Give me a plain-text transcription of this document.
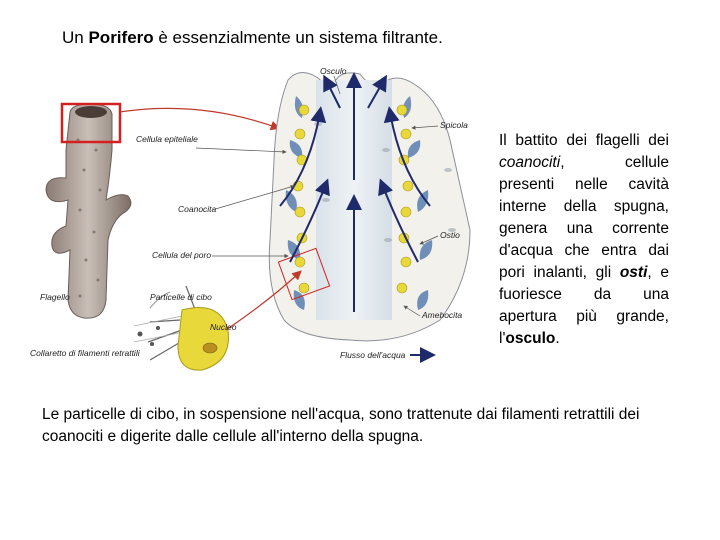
Un Porifero è essenzialmente un sistema filtrante.
Osculo
Spicola
Cellula epiteliale
Coanocita
Cellula del poro
Ostio
Flagello	Particelle di cibo
Amebocita
Nucleo
Collaretto di filamenti retrattili	Flusso dell'acqua
Il battito dei flagelli dei coanociti, cellule presenti nelle cavità interne della spugna, genera una corrente d'acqua che entra dai pori inalanti, gli osti, e fuoriesce da una apertura più grande, l'osculo.
Le particelle di cibo, in sospensione nell'acqua, sono trattenute dai filamenti retrattili dei coanociti e digerite dalle cellule all'interno della spugna.
